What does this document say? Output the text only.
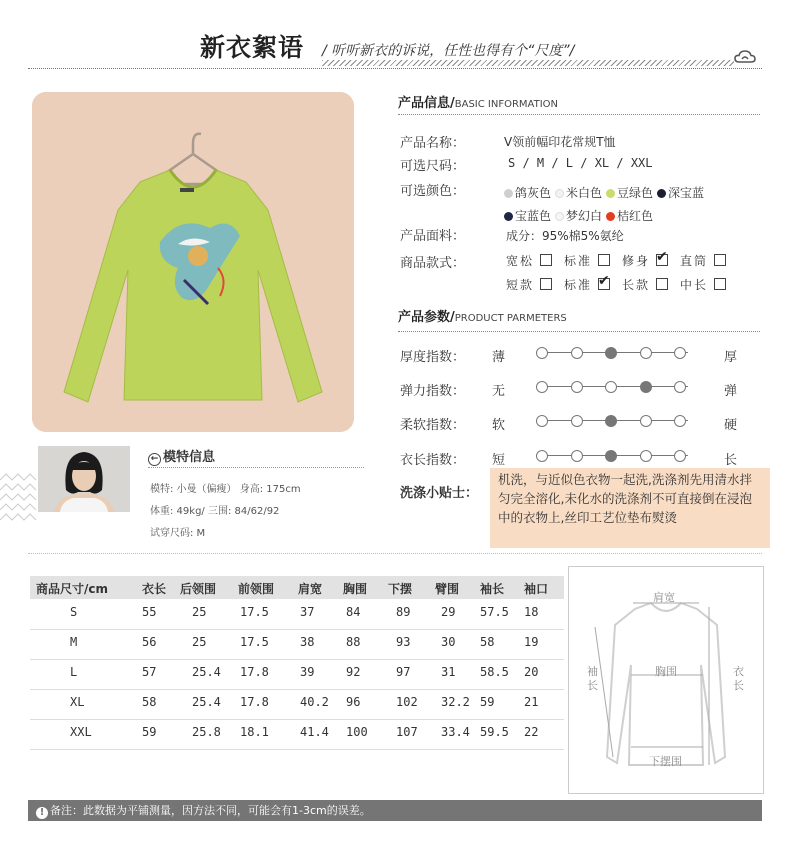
新衣絮语 / 听听新衣的诉说，任性也得有个“尺度”/
← 模特信息
模特: 小曼（偏瘦） 身高: 175cm
体重: 49kg/ 三围: 84/62/92
试穿尺码: M
产品信息/BASIC INFORMATION
产品名称：	V领前幅印花常规T恤
可选尺码：	S / M / L / XL / XXL
可选颜色：	鸽灰色 米白色 豆绿色 深宝蓝
宝蓝色 梦幻白 桔红色
产品面料：	成分：95%棉5%氨纶
商品款式：	宽松	标准	修身 ✔	直筒
短款	标准 ✔	长款	中长
产品参数/PRODUCT PARMETERS
厚度指数： 薄	厚
弹力指数： 无	弹
柔软指数： 软	硬
衣长指数： 短	长
洗涤小贴士：
机洗，与近似色衣物一起洗,洗涤剂先用清水拌匀完全溶化,未化水的洗涤剂不可直接倒在浸泡中的衣物上,丝印工艺位垫布熨烫
商品尺寸/cm	衣长 后领围 前领围 肩宽 胸围 下摆 臂围 袖长 袖口
S	55	25	17.5	37	84	89	29 57.5 18
M	56	25	17.5	38	88	93	30 58 19
L	57	25.4 17.8	39	92	97	31 58.5 20
XL	58	25.4 17.8	40.2 96	102 32.2 59 21
XXL	59	25.8 18.1	41.4 100 107 33.4 59.5 22
肩宽
胸围
袖长
衣长
下摆围
! 备注：此数据为平铺测量，因方法不同，可能会有1-3cm的误差。
